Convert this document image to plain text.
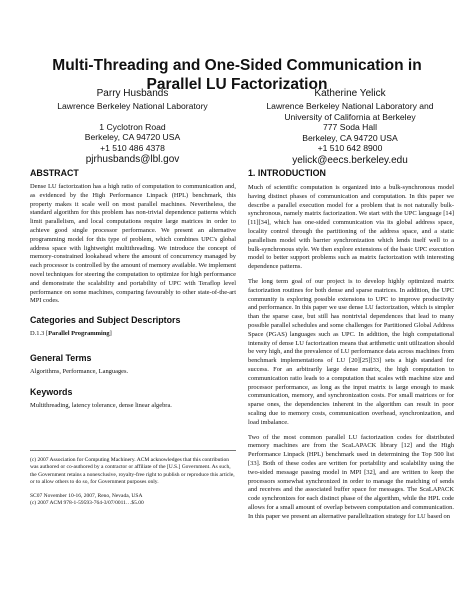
Multi-Threading and One-Sided Communication in
Parallel LU Factorization
Parry Husbands
Lawrence Berkeley National Laboratory
1 Cyclotron Road
Berkeley, CA 94720 USA
+1 510 486 4378
pjrhusbands@lbl.gov
Katherine Yelick
Lawrence Berkeley National Laboratory and
University of California at Berkeley
777 Soda Hall
Berkeley, CA 94720 USA
+1 510 642 8900
yelick@eecs.berkeley.edu
ABSTRACT

Dense LU factorization has a high ratio of computation to communication and, as evidenced by the High Performance Linpack (HPL) benchmark, this property makes it scale well on most parallel machines. Nevertheless, the standard algorithm for this problem has non-trivial dependence patterns which limit parallelism, and local computations require large matrices in order to achieve good single processor performance. We present an alternative programming model for this type of problem, which combines UPC's global address space with lightweight multithreading. We introduce the concept of memory-constrained lookahead where the amount of concurrency managed by each processor is controlled by the amount of memory available. We implement novel techniques for steering the computation to optimize for high performance and demonstrate the scalability and portability of UPC with Teraflop level performance on some machines, comparing favourably to other state-of-the-art MPI codes.

Categories and Subject Descriptors

D.1.3 [Parallel Programming]

General Terms

Algorithms, Performance, Languages.

Keywords

Multithreading, latency tolerance, dense linear algebra.

(c) 2007 Association for Computing Machinery. ACM acknowledges that this contribution was authored or co-authored by a contractor or affiliate of the [U.S.] Government. As such, the Government retains a nonexclusive, royalty-free right to publish or reproduce this article, or to allow others to do so, for Government purposes only.

SC07 November 10-16, 2007, Reno, Nevada, USA
(c) 2007 ACM 978-1-59593-764-3/07/0011…$5.00
1. INTRODUCTION

Much of scientific computation is organized into a bulk-synchronous model having distinct phases of communication and computation. In this paper we describe a parallel execution model for a problem that is not naturally bulk-synchronous, namely matrix factorization. We start with the UPC language [14][11][34], which has one-sided communication via its global address space, locality control through the partitioning of the address space, and a static parallelism model with barrier synchronization which lends itself well to a bulk-synchronous style. We then explore extensions of the basic UPC execution model to better support problems such as matrix factorization with interesting dependence patterns.

The long term goal of our project is to develop highly optimized matrix factorization routines for both dense and sparse matrices. In addition, the UPC community is exploring possible extensions to UPC to improve productivity and performance. In this paper we use dense LU factorization, which is simpler than the sparse case, but still has nontrivial dependences that lead to many possible parallel schedules and some challenges for Partitioned Global Address Space (PGAS) languages such as UPC. In addition, the high computational intensity of dense LU factorization means that arithmetic unit utilization should be very high, and the prevalence of LU performance data across machines from benchmark implementations of LU [20][25][33] sets a high standard for success. For an arbitrarily large dense matrix, the high computation to communication ratio leads to a computation that scales with machine size and processor performance, as long as the input matrix is large enough to mask communication, memory, and synchronization costs. For small matrices or for sparse ones, the dependencies inherent in the algorithm can result in poor scaling due to memory costs, communication overhead, synchronization, and load imbalance.

Two of the most common parallel LU factorization codes for distributed memory machines are from the ScaLAPACK library [12] and the High Performance Linpack (HPL) benchmark used in determining the Top 500 list [33]. Both of these codes are written for portability and scalability using the two-sided message passing model in MPI [32], and are written to keep the processors somewhat synchronized in order to manage the matching of sends and receives and the associated buffer space for messages. The ScaLAPACK code synchronizes for each distinct phase of the algorithm, while the HPL code allows for a small amount of overlap between computation and communication. In this paper we present an alternative parallelization strategy for LU based on
